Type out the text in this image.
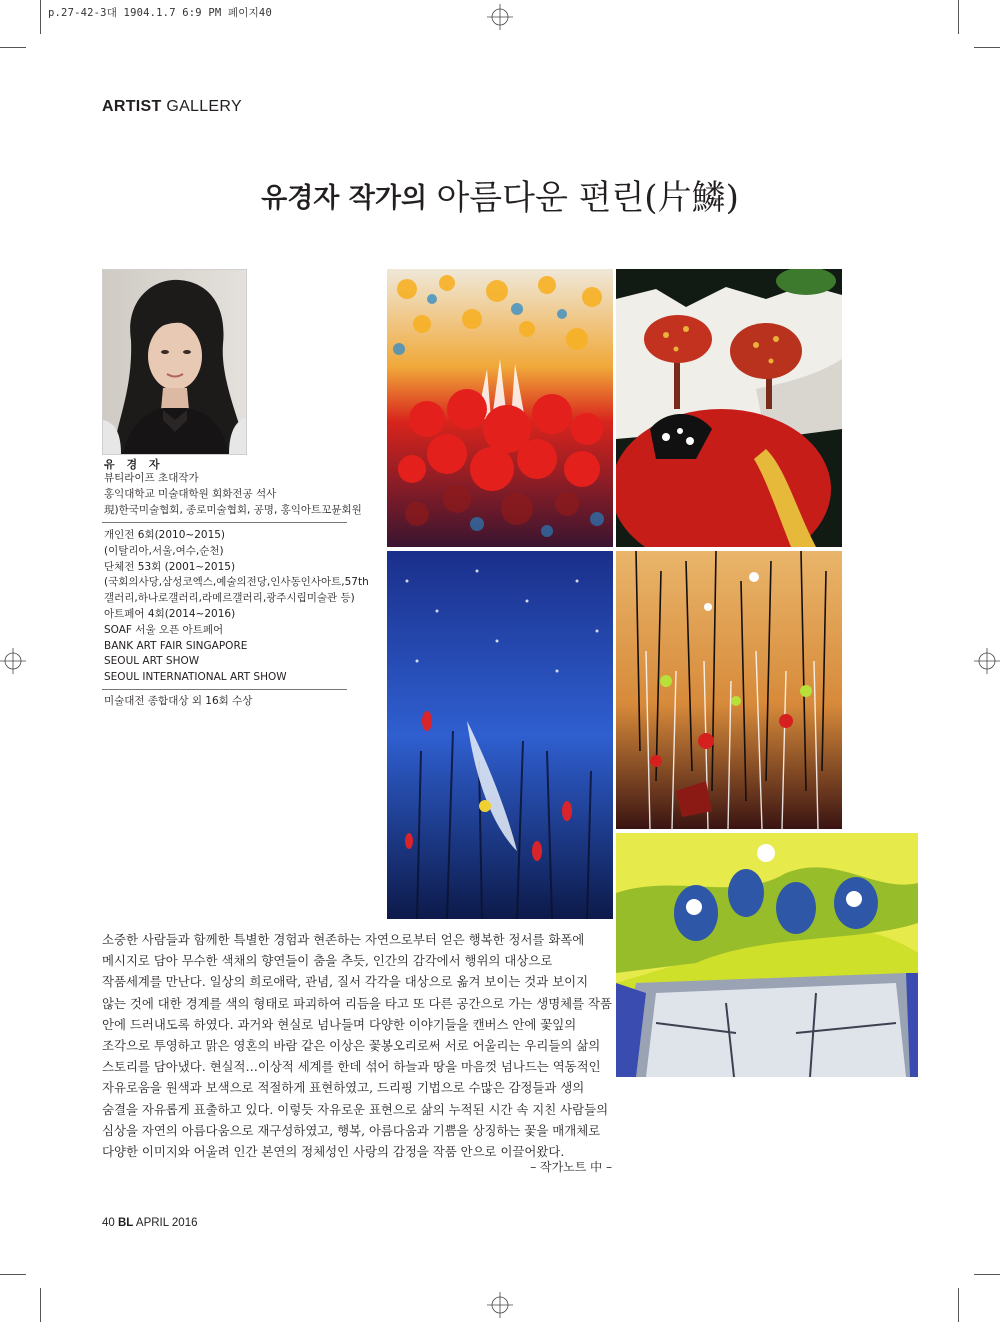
p.27-42-3대 1904.1.7 6:9 PM 페이지40
ARTIST GALLERY
유경자 작가의 아름다운 편린(片鱗)
유 경 자
뷰티라이프 초대작가
홍익대학교 미술대학원 회화전공 석사
現)한국미술협회, 종로미술협회, 공명, 홍익아트꼬뮨회원
개인전 6회(2010~2015)
(이탈리아,서울,여수,순천)
단체전 53회 (2001~2015)
(국회의사당,삼성코엑스,예술의전당,인사동인사아트,57th
갤러리,하나로갤러리,라메르갤러리,광주시립미술관 등)
아트페어 4회(2014~2016)
SOAF 서울 오픈 아트페어
BANK ART FAIR SINGAPORE
SEOUL ART SHOW
SEOUL INTERNATIONAL ART SHOW
미술대전 종합대상 외 16회 수상

소중한 사람들과 함께한 특별한 경험과 현존하는 자연으로부터 얻은 행복한 정서를 화폭에

메시지로 담아 무수한 색채의 향연들이 춤을 추듯, 인간의 감각에서 행위의 대상으로

작품세계를 만난다. 일상의 희로애락, 관념, 질서 각각을 대상으로 옮겨 보이는 것과 보이지

않는 것에 대한 경계를 색의 형태로 파괴하여 리듬을 타고 또 다른 공간으로 가는 생명체를 작품

안에 드러내도록 하였다. 과거와 현실로 넘나들며 다양한 이야기들을 캔버스 안에 꽃잎의

조각으로 투영하고 맑은 영혼의 바람 같은 이상은 꽃봉오리로써 서로 어울리는 우리들의 삶의

스토리를 담아냈다. 현실적…이상적 세계를 한데 섞어 하늘과 땅을 마음껏 넘나드는 역동적인

자유로움을 원색과 보색으로 적절하게 표현하였고, 드리핑 기법으로 수많은 감정들과 생의

숨결을 자유롭게 표출하고 있다. 이렇듯 자유로운 표현으로 삶의 누적된 시간 속 지친 사람들의

심상을 자연의 아름다움으로 재구성하였고, 행복, 아름다움과 기쁨을 상징하는 꽃을 매개체로

다양한 이미지와 어울려 인간 본연의 정체성인 사랑의 감정을 작품 안으로 이끌어왔다.

– 작가노트 中 –
40 BL APRIL 2016
